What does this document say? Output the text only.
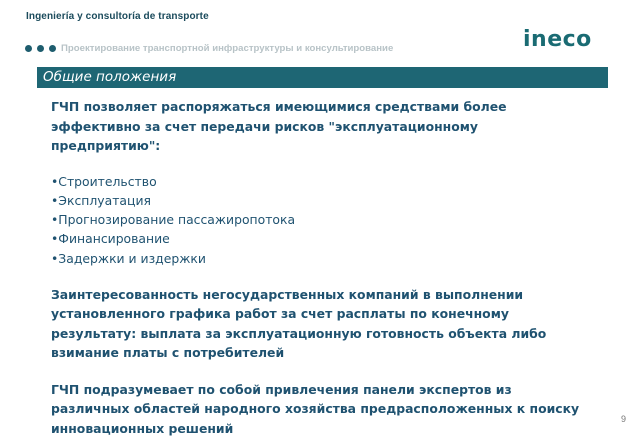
Ingeniería y consultoría de transporte
Проектирование транспортной инфраструктуры и консультирование	ineco
Общие положения

ГЧП позволяет распоряжаться имеющимися средствами более эффективно за счет передачи рисков "эксплуатационному предприятию":

•Строительство
•Эксплуатация
•Прогнозирование пассажиропотока
•Финансирование
•Задержки и издержки

Заинтересованность негосударственных компаний в выполнении установленного графика работ за счет расплаты по конечному результату: выплата за эксплуатационную готовность объекта либо взимание платы с потребителей

ГЧП подразумевает по собой привлечения панели экспертов из различных областей народного хозяйства предрасположенных к поиску инновационных решений

9
